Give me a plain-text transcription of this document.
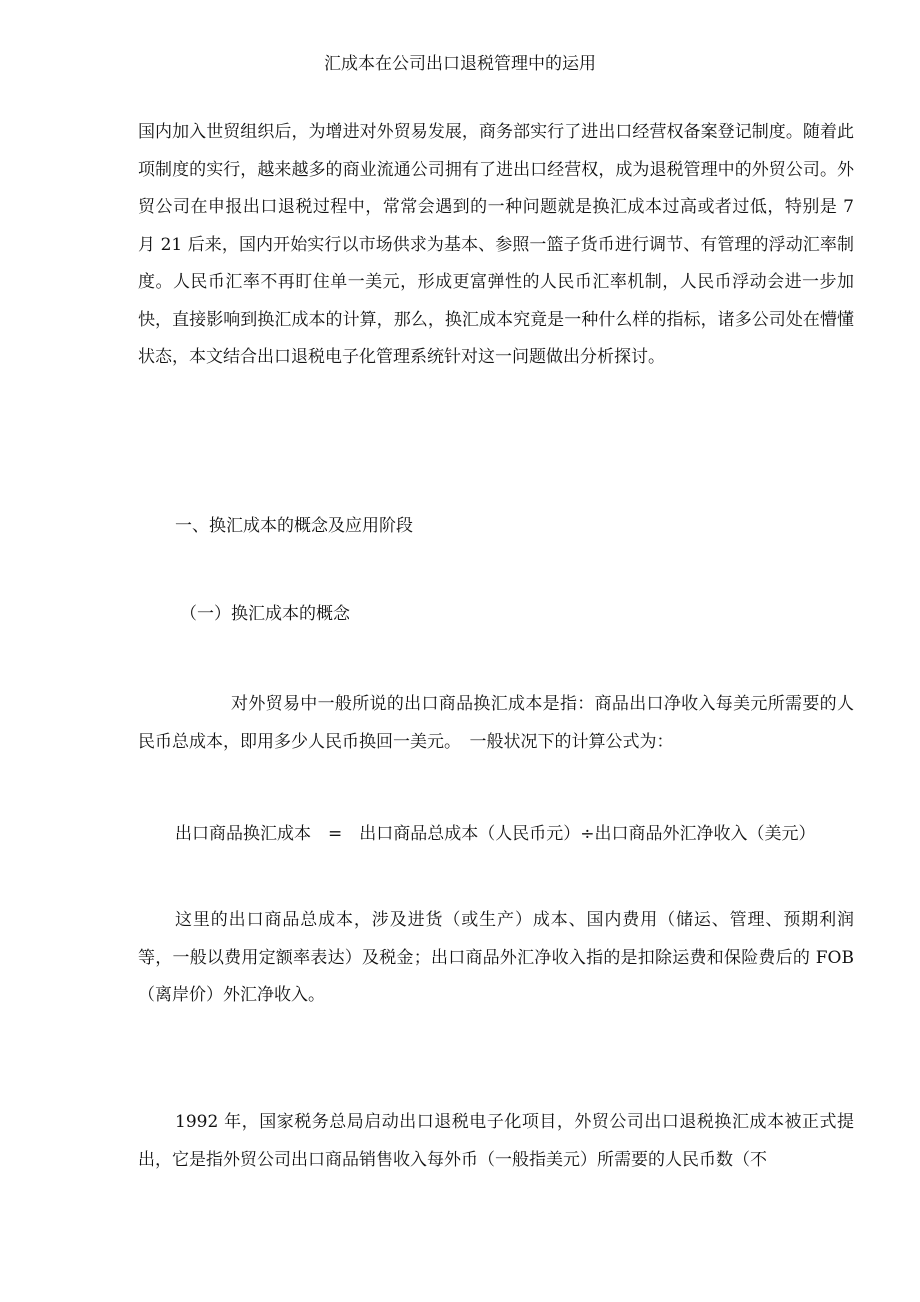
汇成本在公司出口退税管理中的运用
国内加入世贸组织后，为增进对外贸易发展，商务部实行了进出口经营权备案登记制度。随着此项制度的实行，越来越多的商业流通公司拥有了进出口经营权，成为退税管理中的外贸公司。外贸公司在申报出口退税过程中，常常会遇到的一种问题就是换汇成本过高或者过低，特别是 7 月 21 后来，国内开始实行以市场供求为基本、参照一篮子货币进行调节、有管理的浮动汇率制度。人民币汇率不再盯住单一美元，形成更富弹性的人民币汇率机制，人民币浮动会进一步加快，直接影响到换汇成本的计算，那么，换汇成本究竟是一种什么样的指标，诸多公司处在懵懂状态，本文结合出口退税电子化管理系统针对这一问题做出分析探讨。
一、换汇成本的概念及应用阶段
（一）换汇成本的概念
对外贸易中一般所说的出口商品换汇成本是指：商品出口净收入每美元所需要的人民币总成本，即用多少人民币换回一美元。　一般状况下的计算公式为：
出口商品换汇成本　=　出口商品总成本（人民币元）÷出口商品外汇净收入（美元）
这里的出口商品总成本，涉及进货（或生产）成本、国内费用（储运、管理、预期利润等，一般以费用定额率表达）及税金；出口商品外汇净收入指的是扣除运费和保险费后的 FOB（离岸价）外汇净收入。
1992 年，国家税务总局启动出口退税电子化项目，外贸公司出口退税换汇成本被正式提出，它是指外贸公司出口商品销售收入每外币（一般指美元）所需要的人民币数（不
